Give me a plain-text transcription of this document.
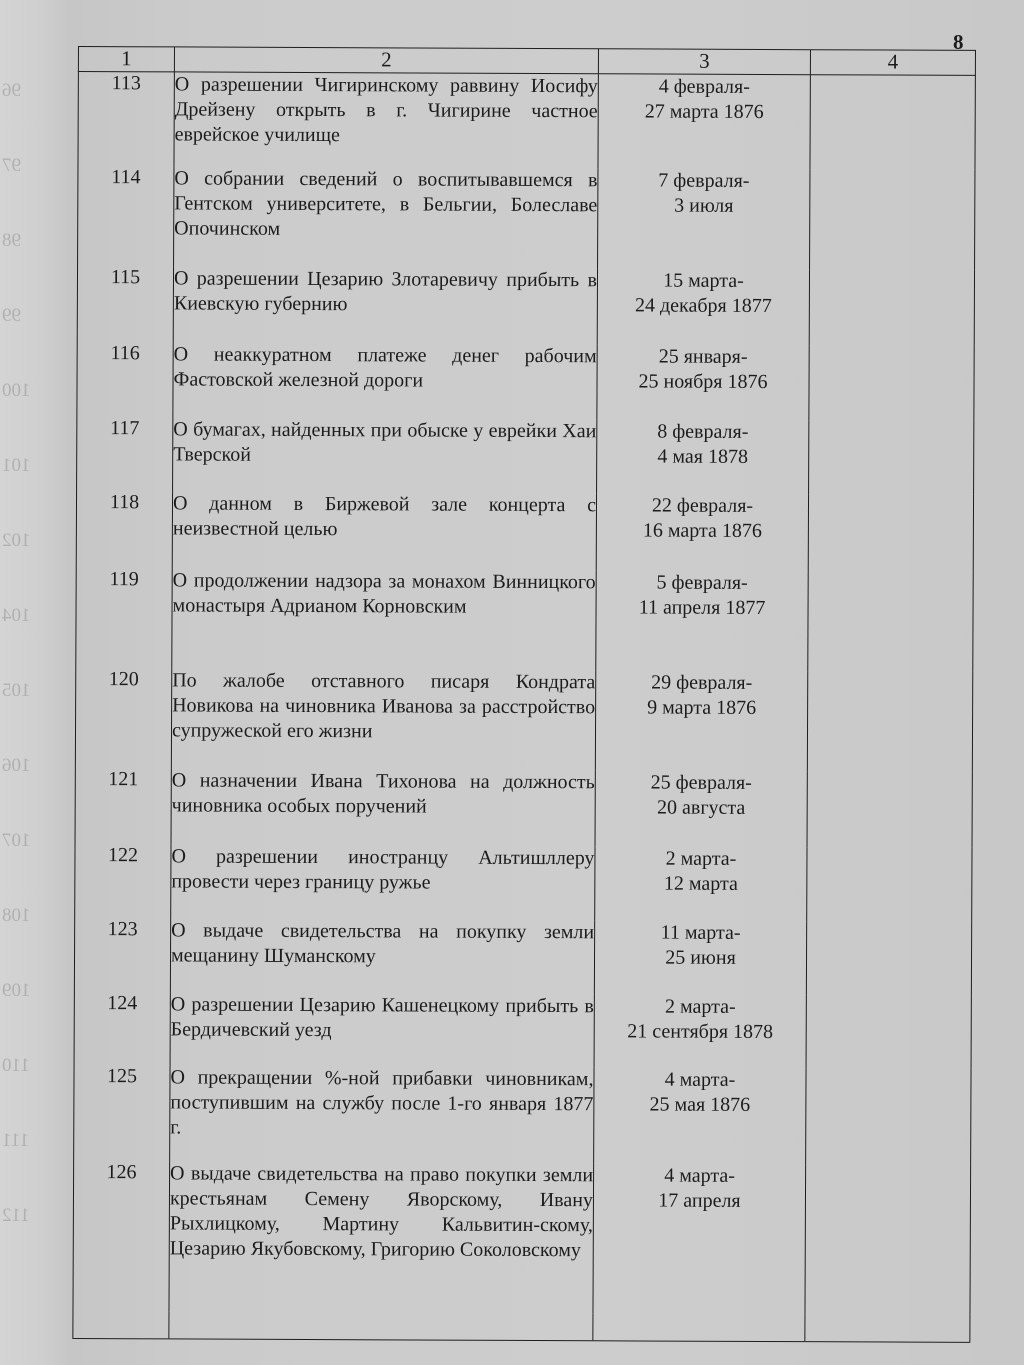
96
97
98
99
100
101
102
104
105
106
107
108
109
110
111
112
8
1	2	3	4
113	О разрешении Чигиринскому раввину Иосифу Дрейзену открыть в г. Чигирине частное еврейское училище	4 февраля-
27 марта 1876	

114	О собрании сведений о воспитывавшемся в Гентском университете, в Бельгии, Болеславе Опочинском	7 февраля-
3 июля	

115	О разрешении Цезарию Злотаревичу прибыть в Киевскую губернию	15 марта-
24 декабря 1877	

116	О неаккуратном платеже денег рабочим Фастовской железной дороги	25 января-
25 ноября 1876	

117	О бумагах, найденных при обыске у еврейки Хаи Тверской	8 февраля-
4 мая 1878	

118	О данном в Биржевой зале концерта с неизвестной целью	22 февраля-
16 марта 1876	

119	О продолжении надзора за монахом Винницкого монастыря Адрианом Корновским	5 февраля-
11 апреля 1877	

120	По жалобе отставного писаря Кондрата Новикова на чиновника Иванова за расстройство супружеской его жизни	29 февраля-
9 марта 1876	

121	О назначении Ивана Тихонова на должность чиновника особых поручений	25 февраля-
20 августа	

122	О разрешении иностранцу Альтишллеру провести через границу ружье	2 марта-
12 марта	

123	О выдаче свидетельства на покупку земли мещанину Шуманскому	11 марта-
25 июня	

124	О разрешении Цезарию Кашенецкому прибыть в Бердичевский уезд	2 марта-
21 сентября 1878	

125	О прекращении %-ной прибавки чиновникам, поступившим на службу после 1-го января 1877 г.	4 марта-
25 мая 1876	

126	О выдаче свидетельства на право покупки земли крестьянам Семену Яворскому, Ивану Рыхлицкому, Мартину Кальвитин-скому, Цезарию Якубовскому, Григорию Соколовскому	4 марта-
17 апреля	
